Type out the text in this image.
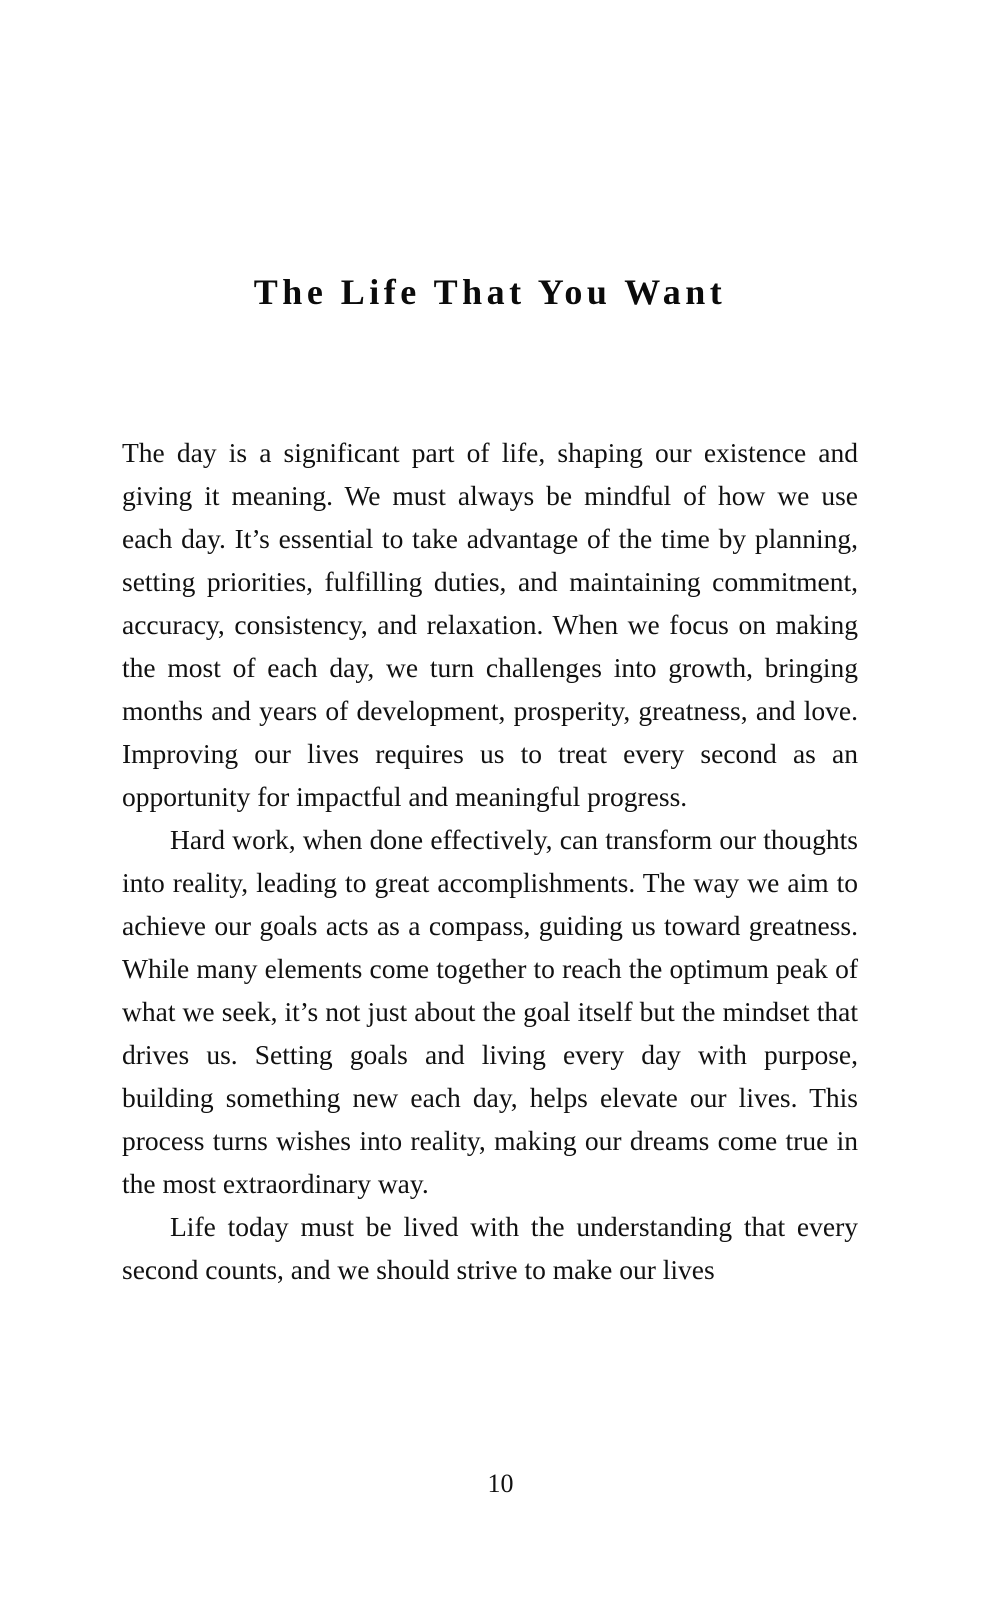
The Life That You Want

The day is a significant part of life, shaping our existence and giving it meaning. We must always be mindful of how we use each day. It’s essential to take advantage of the time by planning, setting priorities, fulfilling duties, and maintaining commitment, accuracy, consistency, and relaxation. When we focus on making the most of each day, we turn challenges into growth, bringing months and years of development, prosperity, greatness, and love. Improving our lives requires us to treat every second as an opportunity for impactful and meaningful progress.

Hard work, when done effectively, can transform our thoughts into reality, leading to great accomplishments. The way we aim to achieve our goals acts as a compass, guiding us toward greatness. While many elements come together to reach the optimum peak of what we seek, it’s not just about the goal itself but the mindset that drives us. Setting goals and living every day with purpose, building something new each day, helps elevate our lives. This process turns wishes into reality, making our dreams come true in the most extraordinary way.

Life today must be lived with the understanding that every second counts, and we should strive to make our lives

10
